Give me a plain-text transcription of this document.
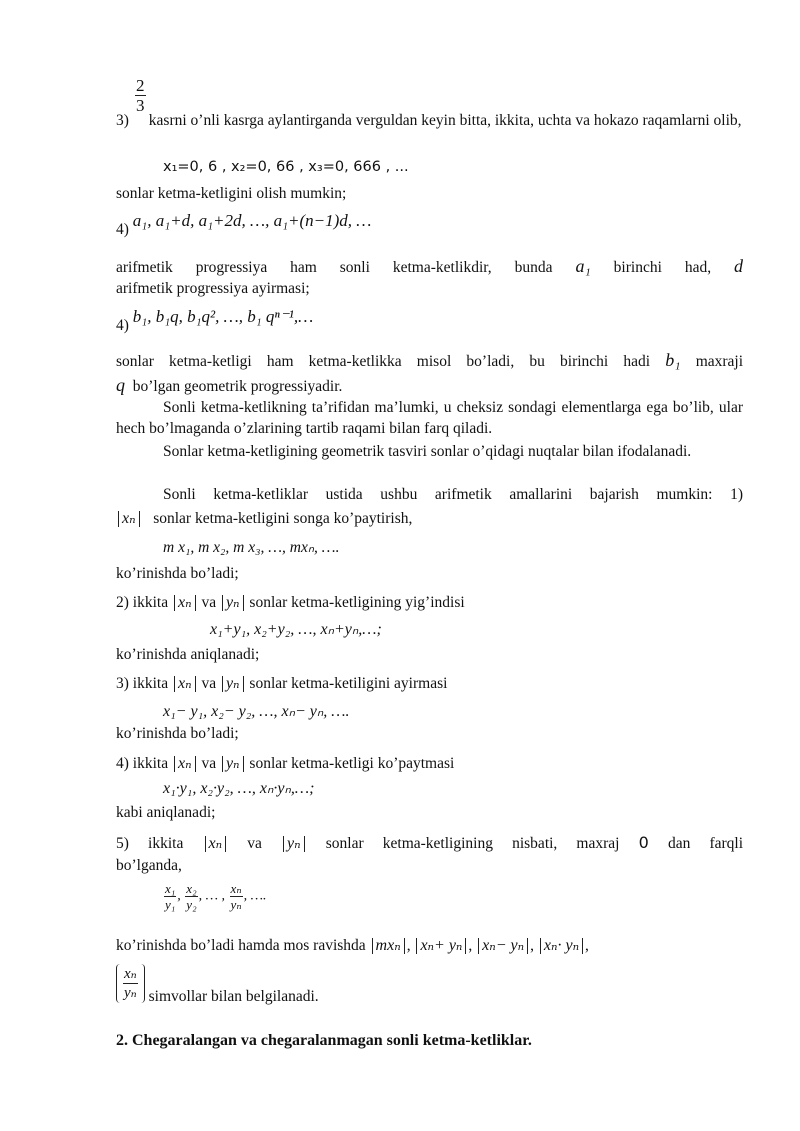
$\frac{2}{3}$

3) kasrni o’nli kasrga aylantirganda verguldan keyin bitta, ikkita, uchta va hokazo raqamlarni olib,

x₁=0, 6 , x₂=0, 66 , x₃=0, 666 , ...

sonlar ketma-ketligini olish mumkin;

4) a₁, a₁+d, a₁+2d, …, a₁+(n−1)d, …

arifmetik progressiya ham sonli ketma-ketlikdir, bunda a₁ birinchi had, d

arifmetik progressiya ayirmasi;

4) b₁, b₁q, b₁q², …, b₁ qⁿ⁻¹,…

sonlar ketma-ketligi ham ketma-ketlikka misol bo’ladi, bu birinchi hadi b₁ maxraji

q bo’lgan geometrik progressiyadir.

Sonli ketma-ketlikning ta’rifidan ma’lumki, u cheksiz sondagi elementlarga ega bo’lib, ular hech bo’lmaganda o’zlarining tartib raqami bilan farq qiladi.

Sonlar ketma-ketligining geometrik tasviri sonlar o’qidagi nuqtalar bilan ifodalanadi.

Sonli ketma-ketliklar ustida ushbu arifmetik amallarini bajarish mumkin: 1)

xₙ sonlar ketma-ketligini songa ko’paytirish,
m x₁, m x₂, m x₃, …, mxₙ, ….

ko’rinishda bo’ladi;

2) ikkita xₙ va yₙ sonlar ketma-ketligining yig’indisi
x₁+y₁, x₂+y₂, …, xₙ+yₙ,…;

ko’rinishda aniqlanadi;

3) ikkita xₙ va yₙ sonlar ketma-ketiligini ayirmasi
x₁− y₁, x₂− y₂, …, xₙ− yₙ, ….

ko’rinishda bo’ladi;

4) ikkita xₙ va yₙ sonlar ketma-ketligi ko’paytmasi
x₁·y₁, x₂·y₂, …, xₙ·yₙ,…;

kabi aniqlanadi;

5) ikkita xₙ va yₙ sonlar ketma-ketligining nisbati, maxraj 0 dan farqli

bo’lganda,

$\frac{\text{x₁}}{\text{y₁}}$ , $\frac{\text{x₂}}{\text{y₂}}$ , … , $\frac{\text{xₙ}}{\text{yₙ}}$ , ….
ko’rinishda bo’ladi hamda mos ravishda mxₙ , xₙ+ yₙ , xₙ− yₙ , xₙ· yₙ ,
$\frac{\text{xₙ}}{\text{yₙ}}$ simvollar bilan belgilanadi.

2. Chegaralangan va chegaralanmagan sonli ketma-ketliklar.
